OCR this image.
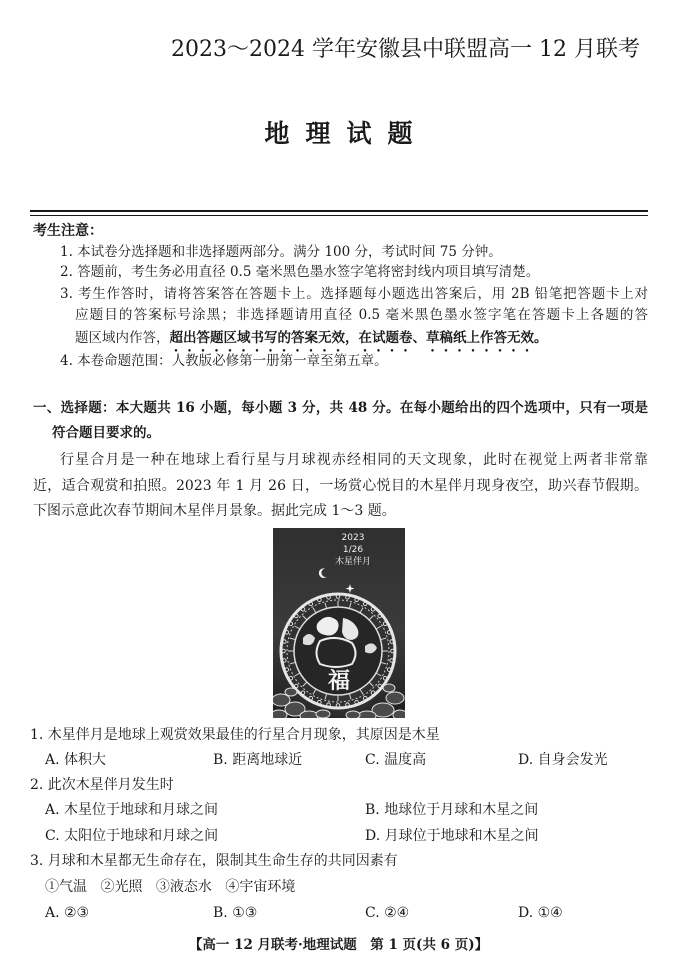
2023～2024 学年安徽县中联盟高一 12 月联考
地理试题
考生注意：
1. 本试卷分选择题和非选择题两部分。满分 100 分，考试时间 75 分钟。
2. 答题前，考生务必用直径 0.5 毫米黑色墨水签字笔将密封线内项目填写清楚。
3. 考生作答时，请将答案答在答题卡上。选择题每小题选出答案后，用 2B 铅笔把答题卡上对
应题目的答案标号涂黑；非选择题请用直径 0.5 毫米黑色墨水签字笔在答题卡上各题的答
题区域内作答，超出答题区域书写的答案无效，在试题卷、草稿纸上作答无效。
4. 本卷命题范围：人教版必修第一册第一章至第五章。
一、选择题：本大题共 16 小题，每小题 3 分，共 48 分。在每小题给出的四个选项中，只有一项是
符合题目要求的。
行星合月是一种在地球上看行星与月球视赤经相同的天文现象，此时在视觉上两者非常靠
近，适合观赏和拍照。2023 年 1 月 26 日，一场赏心悦目的木星伴月现身夜空，助兴春节假期。
下图示意此次春节期间木星伴月景象。据此完成 1～3 题。
2023
1/26
木星伴月
福
1. 木星伴月是地球上观赏效果最佳的行星合月现象，其原因是木星
A. 体积大	B. 距离地球近	C. 温度高	D. 自身会发光
2. 此次木星伴月发生时
A. 木星位于地球和月球之间	B. 地球位于月球和木星之间
C. 太阳位于地球和月球之间	D. 月球位于地球和木星之间
3. 月球和木星都无生命存在，限制其生命生存的共同因素有
①气温 ②光照 ③液态水 ④宇宙环境
A. ②③	B. ①③	C. ②④	D. ①④
【高一 12 月联考·地理试题　第 1 页(共 6 页)】
